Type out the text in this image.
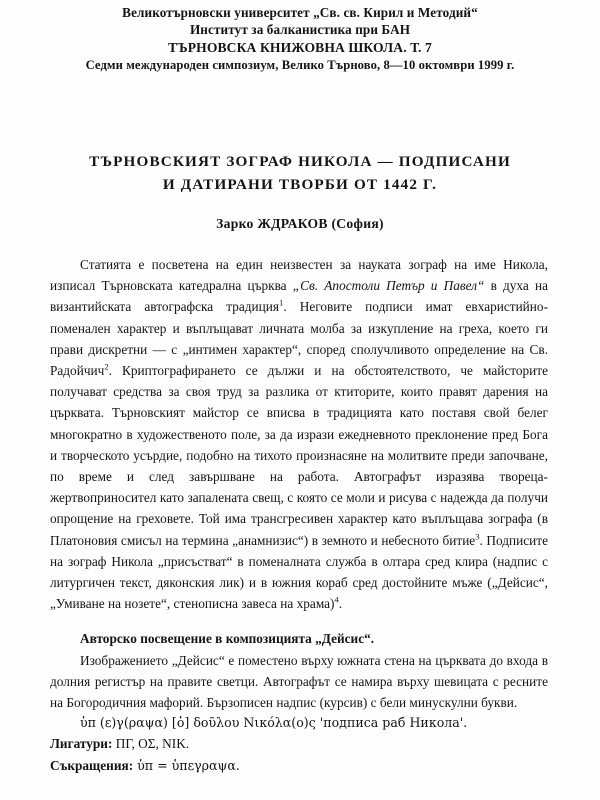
Великотърновски университет „Св. св. Кирил и Методий“
Институт за балканистика при БАН
ТЪРНОВСКА КНИЖОВНА ШКОЛА. Т. 7
Седми международен симпозиум, Велико Търново, 8—10 октомври 1999 г.
ТЪРНОВСКИЯТ ЗОГРАФ НИКОЛА — ПОДПИСАНИ
И ДАТИРАНИ ТВОРБИ ОТ 1442 Г.
Зарко ЖДРАКОВ (София)

Статията е посветена на един неизвестен за науката зограф на име Никола, изписал Търновската катедрална църква „Св. Апостоли Петър и Павел“ в духа на византийската автографска традиция$^1$. Неговите подписи имат евхаристийно-поменален характер и въплъщават личната молба за изкупление на греха, което ги прави дискретни — с „интимен характер“, според сполучливото определение на Св. Радойчич$^2$. Криптографирането се дължи и на обстоятелството, че майсторите получават средства за своя труд за разлика от ктиторите, които правят дарения на църквата. Търновският майстор се вписва в традицията като поставя свой белег многократно в художественото поле, за да изрази ежедневното преклонение пред Бога и творческото усърдие, подобно на тихото произнасяне на молитвите преди започване, по време и след завършване на работа. Автографът изразява твореца-жертвоприносител като запалената свещ, с която се моли и рисува с надежда да получи опрощение на греховете. Той има трансгресивен характер като въплъщава зографа (в Платоновия смисъл на термина „анамнизис“) в земното и небесното битие$^3$. Подписите на зограф Никола „присъстват“ в поменалната служба в олтара сред клира (надпис с литургичен текст, дяконския лик) и в южния кораб сред достойните мъже („Дейсис“, „Умиване на нозете“, стенописна завеса на храма)$^4$.

Авторско посвещение в композицията „Дейсис“.

Изображението „Дейсис“ е поместено върху южната стена на църквата до входа в долния регистър на правите светци. Автографът се намира върху шевицата с ресните на Богородичния мафорий. Бързописен надпис (курсив) с бели минускулни букви.

ὑπ (ε)γ(ραψα) [ὁ] δοῦλου Νικόλα(ο)ς 'подписа раб Никола'.

Лигатури: ПГ, ΟΣ, NIK.

Съкращения: ὑπ = ὑπεγραψα.
